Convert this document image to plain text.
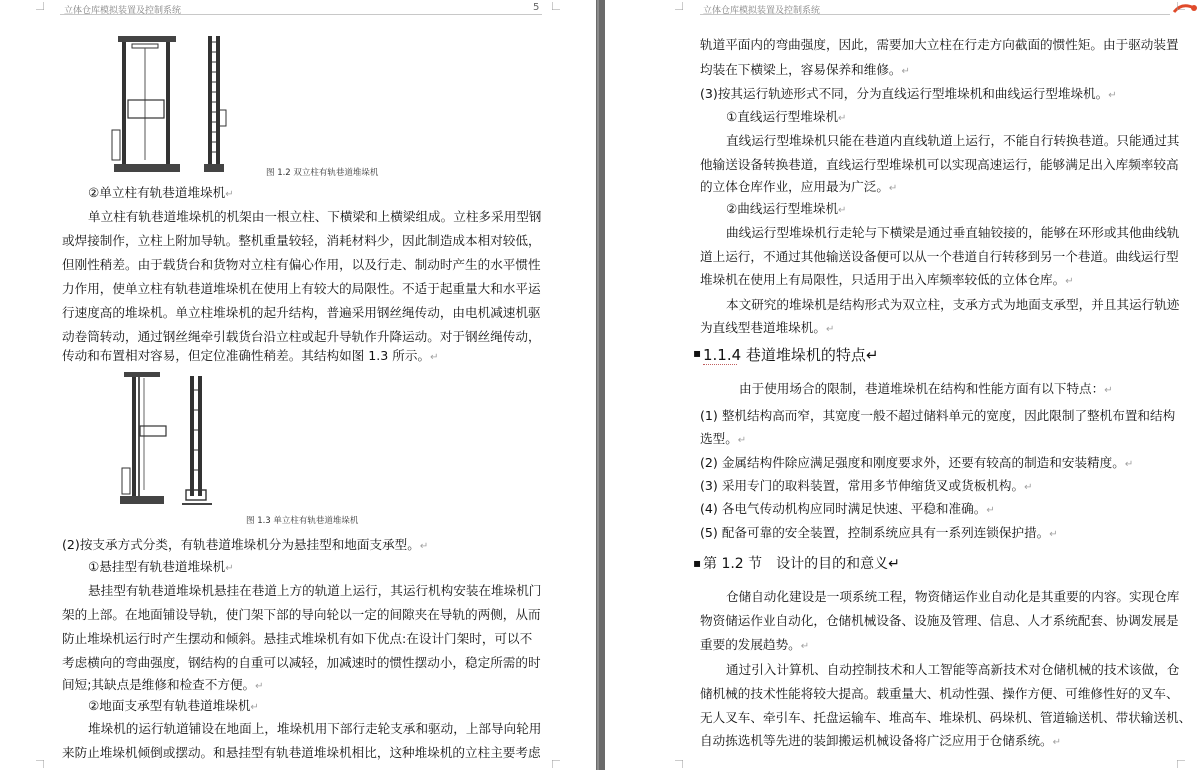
立体仓库模拟装置及控制系统	5
图 1.2 双立柱有轨巷道堆垛机
②单立柱有轨巷道堆垛机↵
单立柱有轨巷道堆垛机的机架由一根立柱、下横梁和上横梁组成。立柱多采用型钢
或焊接制作，立柱上附加导轨。整机重量较轻，消耗材料少，因此制造成本相对较低，
但刚性稍差。由于载货台和货物对立柱有偏心作用，以及行走、制动时产生的水平惯性
力作用，使单立柱有轨巷道堆垛机在使用上有较大的局限性。不适于起重量大和水平运
行速度高的堆垛机。单立柱堆垛机的起升结构，普遍采用钢丝绳传动，由电机减速机驱
动卷筒转动，通过钢丝绳牵引载货台沿立柱或起升导轨作升降运动。对于钢丝绳传动，
传动和布置相对容易，但定位准确性稍差。其结构如图 1.3 所示。↵
图 1.3 单立柱有轨巷道堆垛机
(2)按支承方式分类，有轨巷道堆垛机分为悬挂型和地面支承型。↵
①悬挂型有轨巷道堆垛机↵
悬挂型有轨巷道堆垛机悬挂在巷道上方的轨道上运行，其运行机构安装在堆垛机门
架的上部。在地面铺设导轨，使门架下部的导向轮以一定的间隙夹在导轨的两侧，从而
防止堆垛机运行时产生摆动和倾斜。悬挂式堆垛机有如下优点:在设计门架时，可以不
考虑横向的弯曲强度，钢结构的自重可以减轻，加减速时的惯性摆动小，稳定所需的时
间短;其缺点是维修和检查不方便。↵
②地面支承型有轨巷道堆垛机↵
堆垛机的运行轨道铺设在地面上，堆垛机用下部行走轮支承和驱动，上部导向轮用
来防止堆垛机倾倒或摆动。和悬挂型有轨巷道堆垛机相比，这种堆垛机的立柱主要考虑
立体仓库模拟装置及控制系统
轨道平面内的弯曲强度，因此，需要加大立柱在行走方向截面的惯性矩。由于驱动装置
均装在下横梁上，容易保养和维修。↵
(3)按其运行轨迹形式不同，分为直线运行型堆垛机和曲线运行型堆垛机。↵
①直线运行型堆垛机↵
直线运行型堆垛机只能在巷道内直线轨道上运行，不能自行转换巷道。只能通过其
他输送设备转换巷道，直线运行型堆垛机可以实现高速运行，能够满足出入库频率较高
的立体仓库作业，应用最为广泛。↵
②曲线运行型堆垛机↵
曲线运行型堆垛机行走轮与下横梁是通过垂直轴铰接的，能够在环形或其他曲线轨
道上运行，不通过其他输送设备便可以从一个巷道自行转移到另一个巷道。曲线运行型
堆垛机在使用上有局限性，只适用于出入库频率较低的立体仓库。↵
本文研究的堆垛机是结构形式为双立柱，支承方式为地面支承型，并且其运行轨迹
为直线型巷道堆垛机。↵
▪ 1.1.4 巷道堆垛机的特点↵
由于使用场合的限制，巷道堆垛机在结构和性能方面有以下特点：↵
(1) 整机结构高而窄，其宽度一般不超过储料单元的宽度，因此限制了整机布置和结构
选型。↵
(2) 金属结构件除应满足强度和刚度要求外，还要有较高的制造和安装精度。↵
(3) 采用专门的取料装置，常用多节伸缩货叉或货板机构。↵
(4) 各电气传动机构应同时满足快速、平稳和准确。↵
(5) 配备可靠的安全装置，控制系统应具有一系列连锁保护措。↵
▪ 第 1.2 节　设计的目的和意义↵
仓储自动化建设是一项系统工程，物资储运作业自动化是其重要的内容。实现仓库
物资储运作业自动化，仓储机械设备、设施及管理、信息、人才系统配套、协调发展是
重要的发展趋势。↵
通过引入计算机、自动控制技术和人工智能等高新技术对仓储机械的技术该做，仓
储机械的技术性能将较大提高。载重量大、机动性强、操作方便、可维修性好的叉车、
无人叉车、牵引车、托盘运输车、堆高车、堆垛机、码垛机、管道输送机、带状输送机、
自动拣选机等先进的装卸搬运机械设备将广泛应用于仓储系统。↵
